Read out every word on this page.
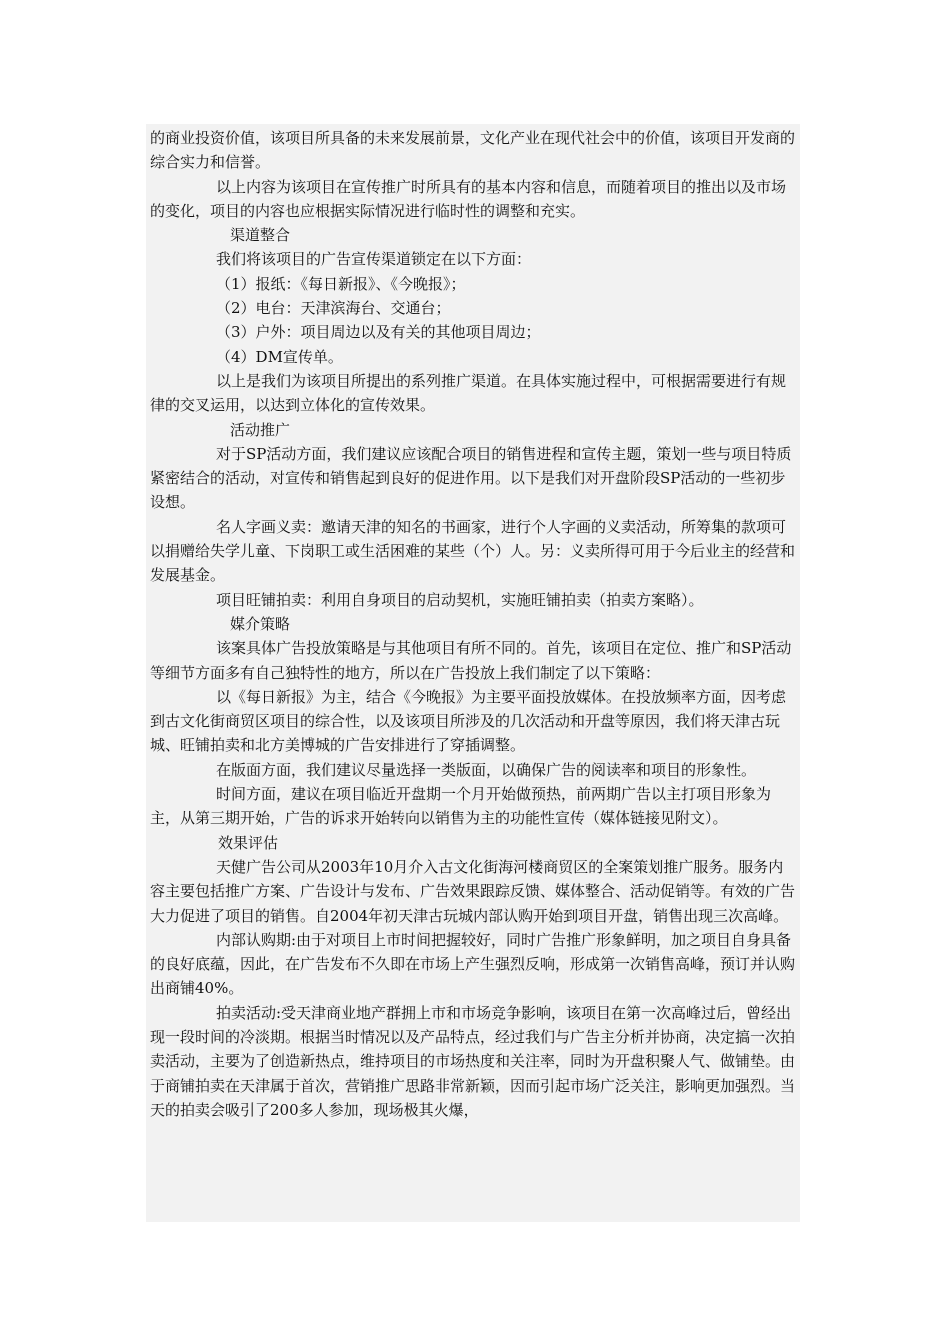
的商业投资价值，该项目所具备的未来发展前景，文化产业在现代社会中的价值，该项目开发商的综合实力和信誉。

以上内容为该项目在宣传推广时所具有的基本内容和信息，而随着项目的推出以及市场的变化，项目的内容也应根据实际情况进行临时性的调整和充实。

渠道整合

我们将该项目的广告宣传渠道锁定在以下方面：

（1）报纸：《每日新报》、《今晚报》；

（2）电台：天津滨海台、交通台；

（3）户外：项目周边以及有关的其他项目周边；

（4）DM宣传单。

以上是我们为该项目所提出的系列推广渠道。在具体实施过程中，可根据需要进行有规律的交叉运用，以达到立体化的宣传效果。

活动推广

对于SP活动方面，我们建议应该配合项目的销售进程和宣传主题，策划一些与项目特质紧密结合的活动，对宣传和销售起到良好的促进作用。以下是我们对开盘阶段SP活动的一些初步设想。

名人字画义卖：邀请天津的知名的书画家，进行个人字画的义卖活动，所筹集的款项可以捐赠给失学儿童、下岗职工或生活困难的某些（个）人。另：义卖所得可用于今后业主的经营和发展基金。

项目旺铺拍卖：利用自身项目的启动契机，实施旺铺拍卖（拍卖方案略）。

媒介策略

该案具体广告投放策略是与其他项目有所不同的。首先，该项目在定位、推广和SP活动等细节方面多有自己独特性的地方，所以在广告投放上我们制定了以下策略：

以《每日新报》为主，结合《今晚报》为主要平面投放媒体。在投放频率方面，因考虑到古文化街商贸区项目的综合性，以及该项目所涉及的几次活动和开盘等原因，我们将天津古玩城、旺铺拍卖和北方美博城的广告安排进行了穿插调整。

在版面方面，我们建议尽量选择一类版面，以确保广告的阅读率和项目的形象性。

时间方面，建议在项目临近开盘期一个月开始做预热，前两期广告以主打项目形象为主，从第三期开始，广告的诉求开始转向以销售为主的功能性宣传（媒体链接见附文）。

效果评估

天健广告公司从2003年10月介入古文化街海河楼商贸区的全案策划推广服务。服务内容主要包括推广方案、广告设计与发布、广告效果跟踪反馈、媒体整合、活动促销等。有效的广告大力促进了项目的销售。自2004年初天津古玩城内部认购开始到项目开盘，销售出现三次高峰。

内部认购期:由于对项目上市时间把握较好，同时广告推广形象鲜明，加之项目自身具备的良好底蕴，因此，在广告发布不久即在市场上产生强烈反响，形成第一次销售高峰，预订并认购出商铺40%。

拍卖活动:受天津商业地产群拥上市和市场竞争影响，该项目在第一次高峰过后，曾经出现一段时间的冷淡期。根据当时情况以及产品特点，经过我们与广告主分析并协商，决定搞一次拍卖活动，主要为了创造新热点，维持项目的市场热度和关注率，同时为开盘积聚人气、做铺垫。由于商铺拍卖在天津属于首次，营销推广思路非常新颖，因而引起市场广泛关注，影响更加强烈。当天的拍卖会吸引了200多人参加，现场极其火爆，
